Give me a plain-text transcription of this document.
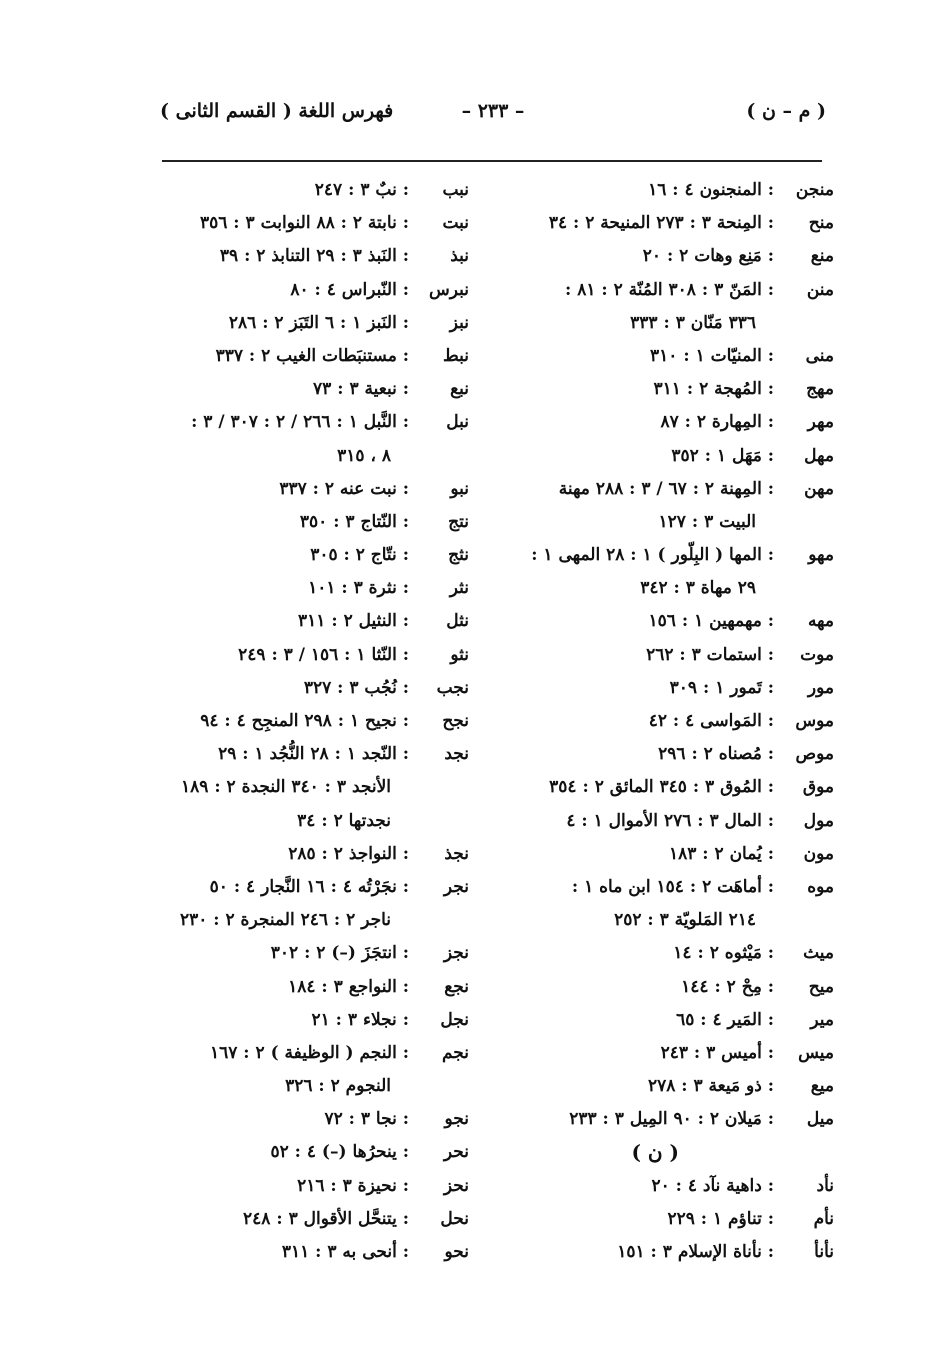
( م – ن )
– ٢٣٣ –
فهرس اللغة ( القسم الثانى )
منجن
: المنجنون ٤ : ١٦
منح
: المِنحة ٣ : ٢٧٣ المنيحة ٢ : ٣٤
منع
: مَنِع وهات ٢ : ٢٠
منن
: المَنّ ٣ : ٣٠٨ المُنّة ٢ : ٨١ :
٣٣٦ مَنّان ٣ : ٣٣٣
منى
: المنيّات ١ : ٣١٠
مهج
: المُهجة ٢ : ٣١١
مهر
: المِهارة ٢ : ٨٧
مهل
: مَهَل ١ : ٣٥٢
مهن
: المِهنة ٢ : ٦٧ / ٣ : ٢٨٨ مهنة
البيت ٣ : ١٢٧
مهو
: المها ( البِلّور ) ١ : ٢٨ المهى ١ :
٢٩ مهاة ٣ : ٣٤٢
مهه
: مهمهين ١ : ١٥٦
موت
: استمات ٣ : ٢٦٢
مور
: تَمور ١ : ٣٠٩
موس
: المَواسى ٤ : ٤٢
موص
: مُصناه ٢ : ٢٩٦
موق
: المُوق ٣ : ٣٤٥ المائق ٢ : ٣٥٤
مول
: المال ٣ : ٢٧٦ الأموال ١ : ٤
مون
: يُمان ٢ : ١٨٣
موه
: أماهَت ٢ : ١٥٤ ابن ماه ١ :
٢١٤ المَلويّة ٣ : ٢٥٢
ميث
: مَيْثوه ٢ : ١٤
ميح
: مِحْ ٢ : ١٤٤
مير
: المَير ٤ : ٦٥
ميس
: أميس ٣ : ٢٤٣
ميع
: ذو مَيعة ٣ : ٢٧٨
ميل
: مَيلان ٢ : ٩٠ المِيل ٣ : ٢٣٣
( ن )
نأد
: داهية نآد ٤ : ٢٠
نأم
: تناؤم ١ : ٢٢٩
نأنأ
: نأناة الإسلام ٣ : ١٥١
نبب
: نبٌ ٣ : ٢٤٧
نبت
: نابتة ٢ : ٨٨ النوابت ٣ : ٣٥٦
نبذ
: النَبذ ٣ : ٢٩ التنابذ ٢ : ٣٩
نبرس
: النّبراس ٤ : ٨٠
نبز
: النَبز ١ : ٦ التَبَز ٢ : ٢٨٦
نبط
: مستنبَطات الغيب ٢ : ٣٣٧
نبع
: نبعية ٣ : ٧٣
نبل
: النَّبل ١ : ٢٦٦ / ٢ : ٣٠٧ / ٣ :
٨ ، ٣١٥
نبو
: نبت عنه ٢ : ٣٣٧
نتج
: النّتاج ٣ : ٣٥٠
نثج
: نتّاج ٢ : ٣٠٥
نثر
: نثرة ٣ : ١٠١
نثل
: النثيل ٢ : ٣١١
نثو
: النّثا ١ : ١٥٦ / ٣ : ٢٤٩
نجب
: نُجُب ٣ : ٣٢٧
نجح
: نجيح ١ : ٢٩٨ المنجِح ٤ : ٩٤
نجد
: النّجد ١ : ٢٨ النُّجُد ١ : ٢٩
الأنجد ٣ : ٣٤٠ النجدة ٢ : ١٨٩
نجدتها ٢ : ٣٤
نجذ
: النواجذ ٢ : ٢٨٥
نجر
: نجَرْتُه ٤ : ١٦ النَّجار ٤ : ٥٠
ناجر ٢ : ٢٤٦ المنجرة ٢ : ٢٣٠
نجز
: انتجَزَ (–) ٢ : ٣٠٢
نجع
: النواجع ٣ : ١٨٤
نجل
: نجلاء ٣ : ٢١
نجم
: النجم ( الوظيفة ) ٢ : ١٦٧
النجوم ٢ : ٣٢٦
نجو
: نجا ٣ : ٧٢
نحر
: ينحرُها (–) ٤ : ٥٢
نحز
: نحيزة ٣ : ٢١٦
نحل
: يتنحَّل الأقوال ٣ : ٢٤٨
نحو
: أنحى به ٣ : ٣١١
